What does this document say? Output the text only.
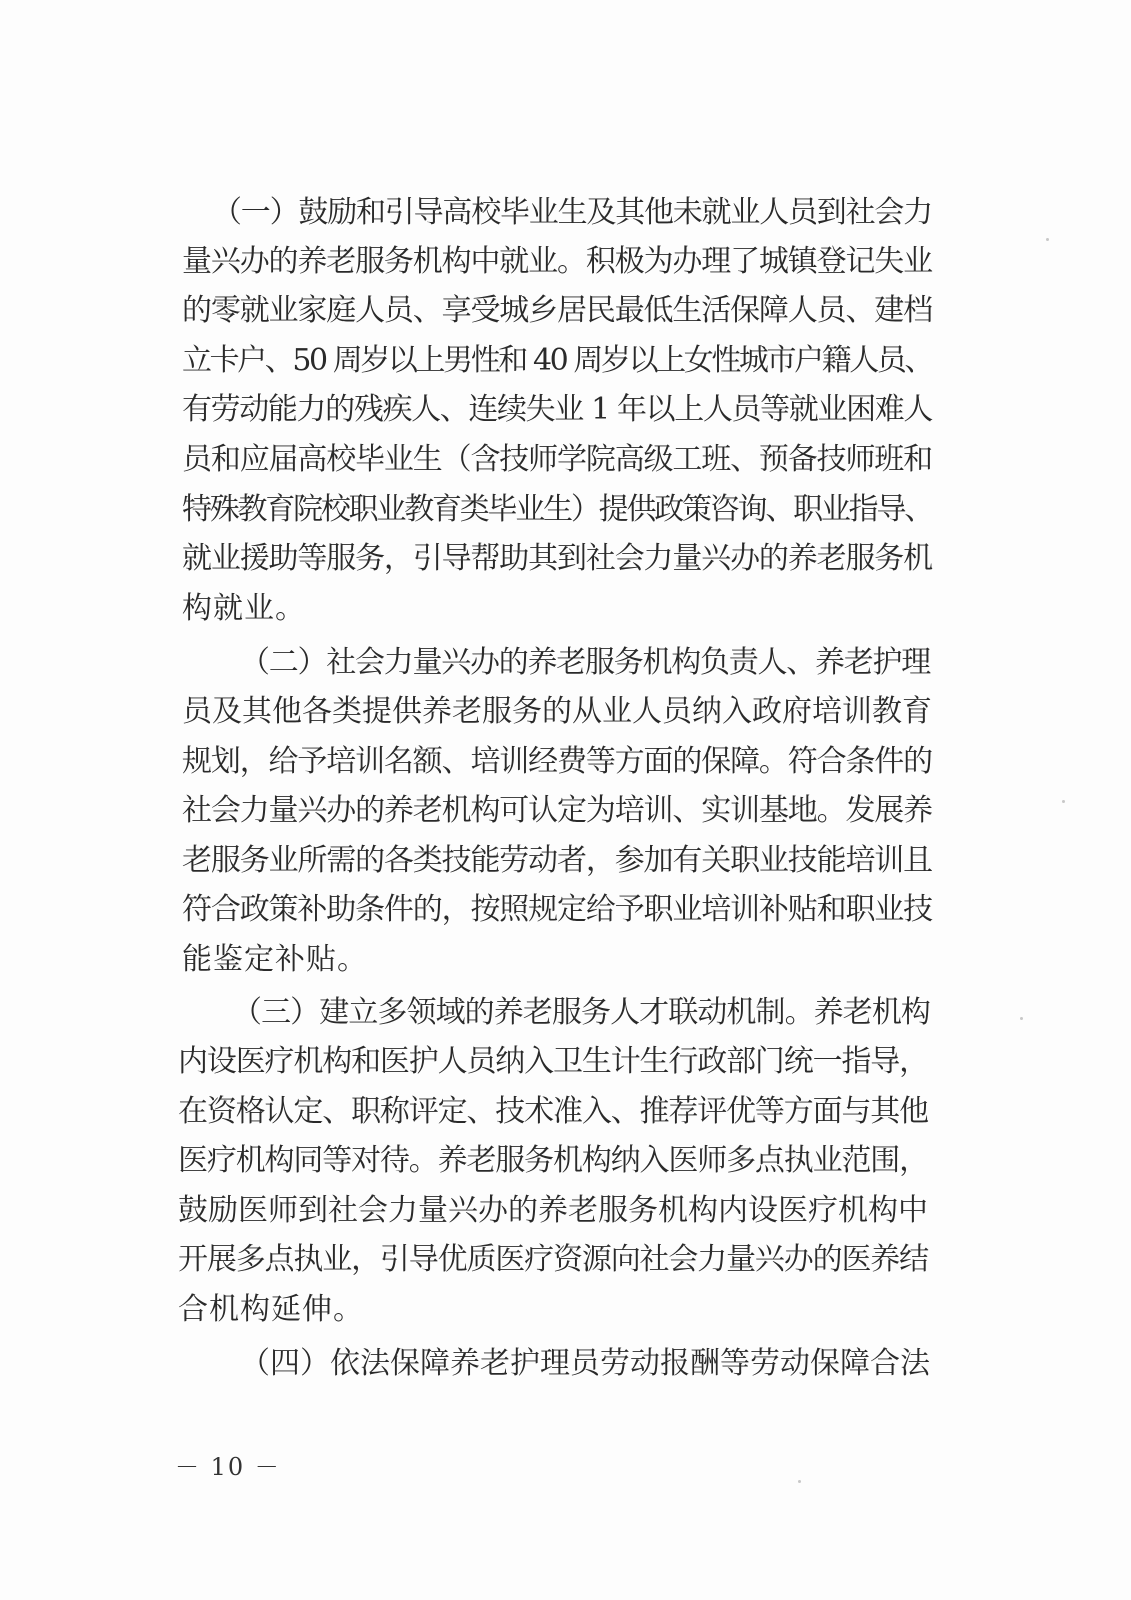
（一）鼓励和引导高校毕业生及其他未就业人员到社会力
量兴办的养老服务机构中就业。积极为办理了城镇登记失业
的零就业家庭人员、享受城乡居民最低生活保障人员、建档
立卡户、50 周岁以上男性和 40 周岁以上女性城市户籍人员、
有劳动能力的残疾人、连续失业 1 年以上人员等就业困难人
员和应届高校毕业生（含技师学院高级工班、预备技师班和
特殊教育院校职业教育类毕业生）提供政策咨询、职业指导、
就业援助等服务，引导帮助其到社会力量兴办的养老服务机
构就业。
（二）社会力量兴办的养老服务机构负责人、养老护理
员及其他各类提供养老服务的从业人员纳入政府培训教育
规划，给予培训名额、培训经费等方面的保障。符合条件的
社会力量兴办的养老机构可认定为培训、实训基地。发展养
老服务业所需的各类技能劳动者，参加有关职业技能培训且
符合政策补助条件的，按照规定给予职业培训补贴和职业技
能鉴定补贴。
（三）建立多领域的养老服务人才联动机制。养老机构
内设医疗机构和医护人员纳入卫生计生行政部门统一指导，
在资格认定、职称评定、技术准入、推荐评优等方面与其他
医疗机构同等对待。养老服务机构纳入医师多点执业范围，
鼓励医师到社会力量兴办的养老服务机构内设医疗机构中
开展多点执业，引导优质医疗资源向社会力量兴办的医养结
合机构延伸。
（四）依法保障养老护理员劳动报酬等劳动保障合法
－ 10 －
